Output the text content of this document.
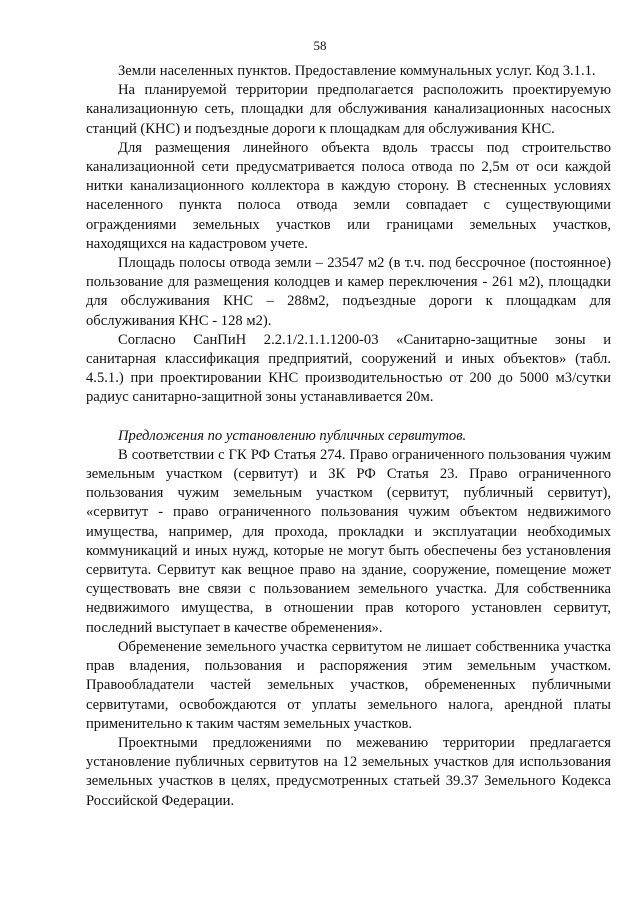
58

Земли населенных пунктов. Предоставление коммунальных услуг. Код 3.1.1.

На планируемой территории предполагается расположить проектируемую канализационную сеть, площадки для обслуживания канализационных насосных станций (КНС) и подъездные дороги к площадкам для обслуживания КНС.

Для размещения линейного объекта вдоль трассы под строительство канализационной сети предусматривается полоса отвода по 2,5м от оси каждой нитки канализационного коллектора в каждую сторону. В стесненных условиях населенного пункта полоса отвода земли совпадает с существующими ограждениями земельных участков или границами земельных участков, находящихся на кадастровом учете.

Площадь полосы отвода земли – 23547 м2 (в т.ч. под бессрочное (постоянное) пользование для размещения колодцев и камер переключения - 261 м2), площадки для обслуживания КНС – 288м2, подъездные дороги к площадкам для обслуживания КНС - 128 м2).

Согласно СанПиН 2.2.1/2.1.1.1200-03 «Санитарно-защитные зоны и санитарная классификация предприятий, сооружений и иных объектов» (табл. 4.5.1.) при проектировании КНС производительностью от 200 до 5000 м3/сутки радиус санитарно-защитной зоны устанавливается 20м.

Предложения по установлению публичных сервитутов.

В соответствии с ГК РФ Статья 274. Право ограниченного пользования чужим земельным участком (сервитут) и ЗК РФ Статья 23. Право ограниченного пользования чужим земельным участком (сервитут, публичный сервитут), «сервитут - право ограниченного пользования чужим объектом недвижимого имущества, например, для прохода, прокладки и эксплуатации необходимых коммуникаций и иных нужд, которые не могут быть обеспечены без установления сервитута. Сервитут как вещное право на здание, сооружение, помещение может существовать вне связи с пользованием земельного участка. Для собственника недвижимого имущества, в отношении прав которого установлен сервитут, последний выступает в качестве обременения».

Обременение земельного участка сервитутом не лишает собственника участка прав владения, пользования и распоряжения этим земельным участком. Правообладатели частей земельных участков, обремененных публичными сервитутами, освобождаются от уплаты земельного налога, арендной платы применительно к таким частям земельных участков.

Проектными предложениями по межеванию территории предлагается установление публичных сервитутов на 12 земельных участков для использования земельных участков в целях, предусмотренных статьей 39.37 Земельного Кодекса Российской Федерации.
